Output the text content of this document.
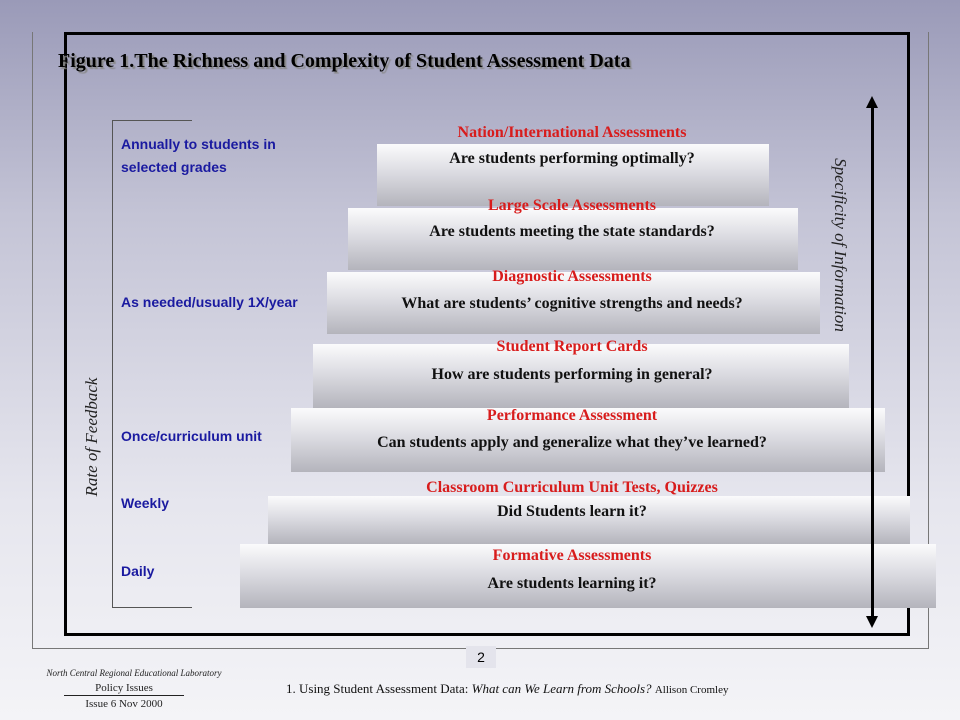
2
Figure 1.The Richness and Complexity of Student Assessment Data
Rate of Feedback
Annually to students in
selected grades
As needed/usually 1X/year
Once/curriculum unit
Weekly
Daily
Nation/International Assessments
Are students performing optimally?
Large Scale Assessments
Are students meeting the state standards?
Diagnostic Assessments
What are students’ cognitive strengths and needs?
Student Report Cards
How are students performing in general?
Performance Assessment
Can students apply and generalize what they’ve learned?
Classroom Curriculum Unit Tests, Quizzes
Did Students learn it?
Formative Assessments
Are students learning it?
Specificity of Information
North Central Regional Educational Laboratory
Policy Issues
Issue 6 Nov 2000
1. Using Student Assessment Data: What can We Learn from Schools? Allison Cromley
